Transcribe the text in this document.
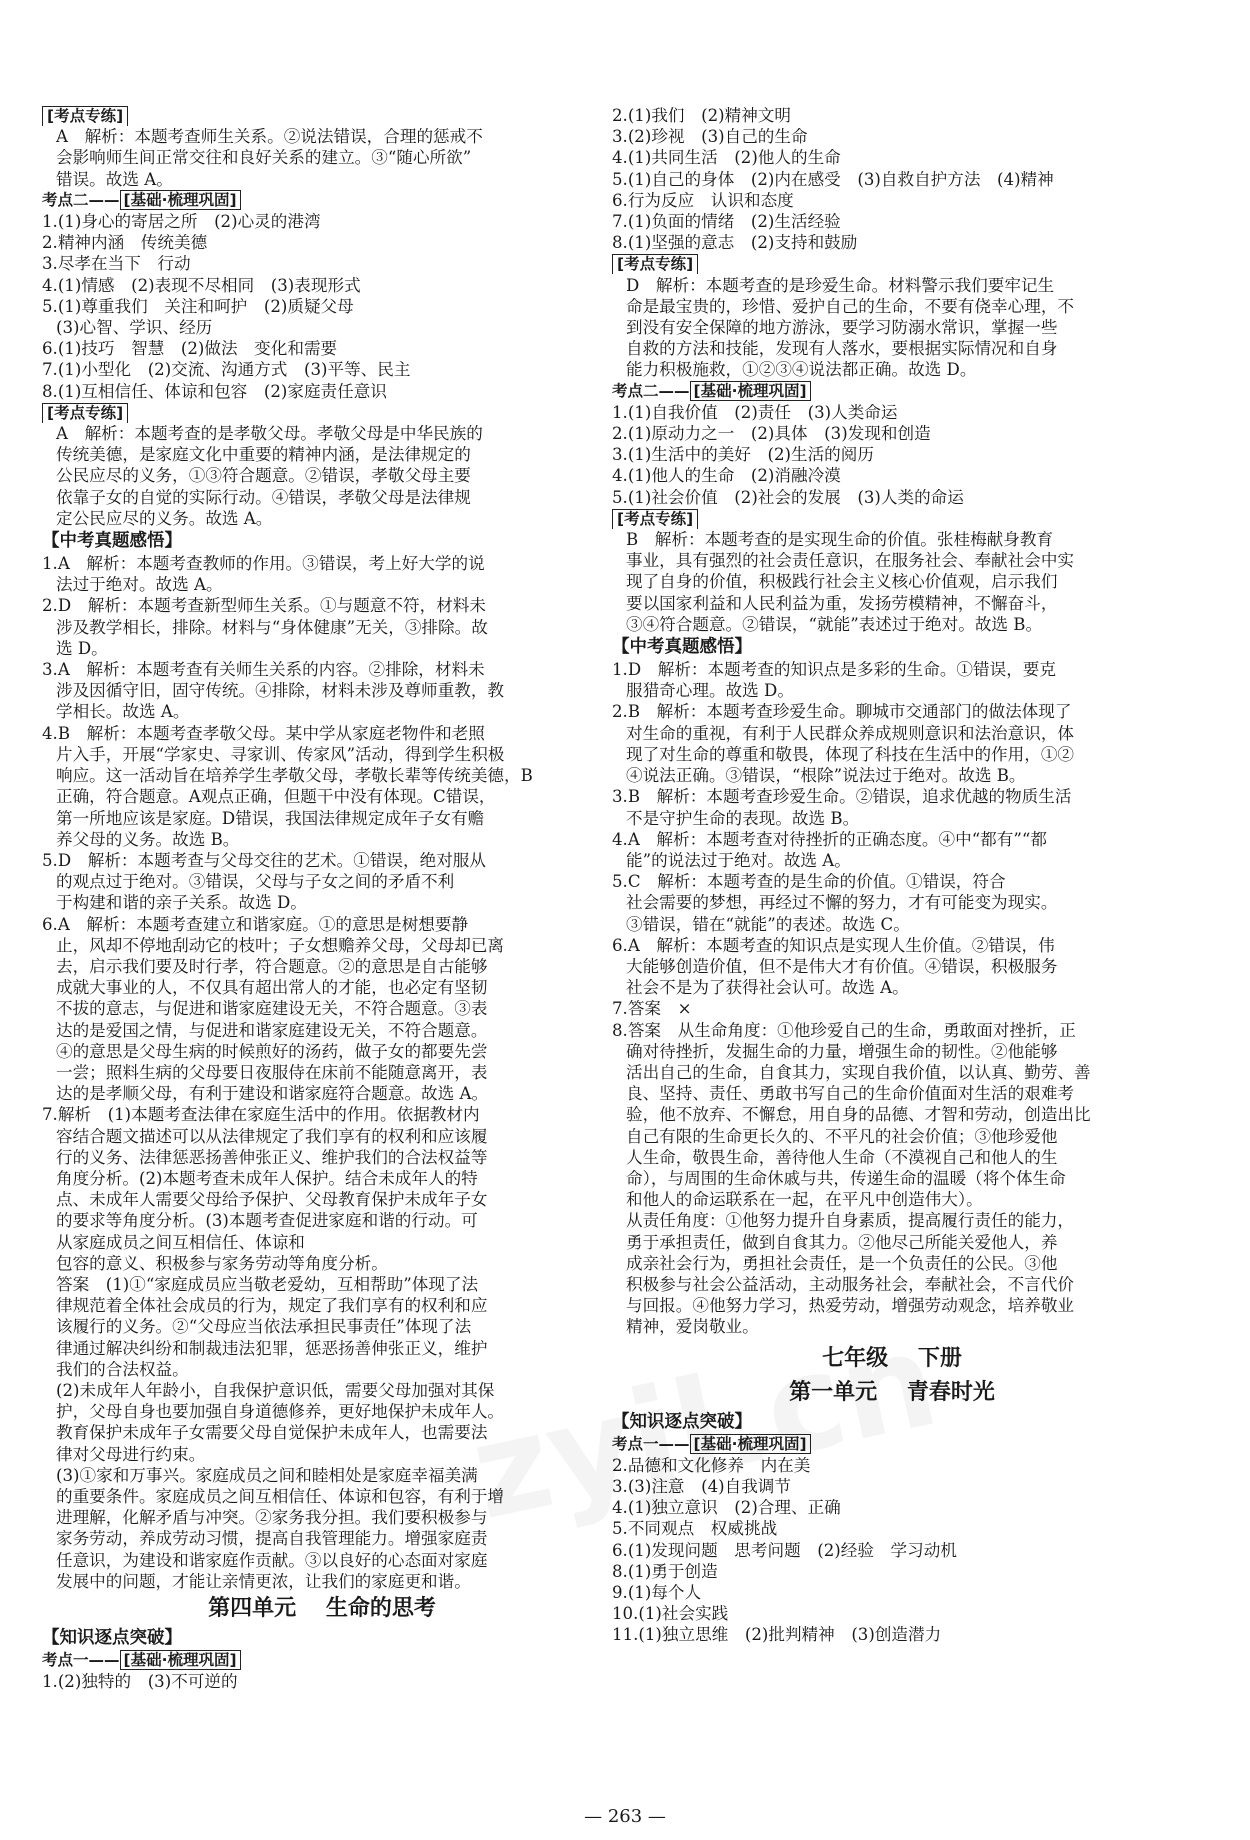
[考点专练]
A　解析：本题考查师生关系。②说法错误，合理的惩戒不
会影响师生间正常交往和良好关系的建立。③“随心所欲”
错误。故选 A。
考点二—— [基础·梳理巩固]
1.(1)身心的寄居之所　(2)心灵的港湾
2.精神内涵　传统美德
3.尽孝在当下　行动
4.(1)情感　(2)表现不尽相同　(3)表现形式
5.(1)尊重我们　关注和呵护　(2)质疑父母
(3)心智、学识、经历
6.(1)技巧　智慧　(2)做法　变化和需要
7.(1)小型化　(2)交流、沟通方式　(3)平等、民主
8.(1)互相信任、体谅和包容　(2)家庭责任意识
[考点专练]
A　解析：本题考查的是孝敬父母。孝敬父母是中华民族的
传统美德，是家庭文化中重要的精神内涵，是法律规定的
公民应尽的义务，①③符合题意。②错误，孝敬父母主要
依靠子女的自觉的实际行动。④错误，孝敬父母是法律规
定公民应尽的义务。故选 A。
【中考真题感悟】
1.A　解析：本题考查教师的作用。③错误，考上好大学的说
法过于绝对。故选 A。
2.D　解析：本题考查新型师生关系。①与题意不符，材料未
涉及教学相长，排除。材料与“身体健康”无关，③排除。故
选 D。
3.A　解析：本题考查有关师生关系的内容。②排除，材料未
涉及因循守旧，固守传统。④排除，材料未涉及尊师重教，教
学相长。故选 A。
4.B　解析：本题考查孝敬父母。某中学从家庭老物件和老照
片入手，开展“学家史、寻家训、传家风”活动，得到学生积极
响应。这一活动旨在培养学生孝敬父母，孝敬长辈等传统美德，B
正确，符合题意。A观点正确，但题干中没有体现。C错误，
第一所地应该是家庭。D错误，我国法律规定成年子女有赡
养父母的义务。故选 B。
5.D　解析：本题考查与父母交往的艺术。①错误，绝对服从
的观点过于绝对。③错误，父母与子女之间的矛盾不利
于构建和谐的亲子关系。故选 D。
6.A　解析：本题考查建立和谐家庭。①的意思是树想要静
止，风却不停地刮动它的枝叶；子女想赡养父母，父母却已离
去，启示我们要及时行孝，符合题意。②的意思是自古能够
成就大事业的人，不仅具有超出常人的才能，也必定有坚韧
不拔的意志，与促进和谐家庭建设无关，不符合题意。③表
达的是爱国之情，与促进和谐家庭建设无关，不符合题意。
④的意思是父母生病的时候煎好的汤药，做子女的都要先尝
一尝；照料生病的父母要日夜服侍在床前不能随意离开，表
达的是孝顺父母，有利于建设和谐家庭符合题意。故选 A。
7.解析　(1)本题考查法律在家庭生活中的作用。依据教材内
容结合题文描述可以从法律规定了我们享有的权利和应该履
行的义务、法律惩恶扬善伸张正义、维护我们的合法权益等
角度分析。(2)本题考查未成年人保护。结合未成年人的特
点、未成年人需要父母给予保护、父母教育保护未成年子女
的要求等角度分析。(3)本题考查促进家庭和谐的行动。可
从家庭成员之间互相信任、体谅和
包容的意义、积极参与家务劳动等角度分析。
答案　(1)①“家庭成员应当敬老爱幼，互相帮助”体现了法
律规范着全体社会成员的行为，规定了我们享有的权利和应
该履行的义务。②“父母应当依法承担民事责任”体现了法
律通过解决纠纷和制裁违法犯罪，惩恶扬善伸张正义，维护
我们的合法权益。
(2)未成年人年龄小，自我保护意识低，需要父母加强对其保
护，父母自身也要加强自身道德修养，更好地保护未成年人。
教育保护未成年子女需要父母自觉保护未成年人，也需要法
律对父母进行约束。
(3)①家和万事兴。家庭成员之间和睦相处是家庭幸福美满
的重要条件。家庭成员之间互相信任、体谅和包容，有利于增
进理解，化解矛盾与冲突。②家务我分担。我们要积极参与
家务劳动，养成劳动习惯，提高自我管理能力。增强家庭责
任意识，为建设和谐家庭作贡献。③以良好的心态面对家庭
发展中的问题，才能让亲情更浓，让我们的家庭更和谐。
第四单元　 生命的思考
【知识逐点突破】
考点一—— [基础·梳理巩固]
1.(2)独特的　(3)不可逆的
2.(1)我们　(2)精神文明
3.(2)珍视　(3)自己的生命
4.(1)共同生活　(2)他人的生命
5.(1)自己的身体　(2)内在感受　(3)自救自护方法　(4)精神
6.行为反应　认识和态度
7.(1)负面的情绪　(2)生活经验
8.(1)坚强的意志　(2)支持和鼓励
[考点专练]
D　解析：本题考查的是珍爱生命。材料警示我们要牢记生
命是最宝贵的，珍惜、爱护自己的生命，不要有侥幸心理，不
到没有安全保障的地方游泳，要学习防溺水常识，掌握一些
自救的方法和技能，发现有人落水，要根据实际情况和自身
能力积极施救，①②③④说法都正确。故选 D。
考点二—— [基础·梳理巩固]
1.(1)自我价值　(2)责任　(3)人类命运
2.(1)原动力之一　(2)具体　(3)发现和创造
3.(1)生活中的美好　(2)生活的阅历
4.(1)他人的生命　(2)消融冷漠
5.(1)社会价值　(2)社会的发展　(3)人类的命运
[考点专练]
B　解析：本题考查的是实现生命的价值。张桂梅献身教育
事业，具有强烈的社会责任意识，在服务社会、奉献社会中实
现了自身的价值，积极践行社会主义核心价值观，启示我们
要以国家利益和人民利益为重，发扬劳模精神，不懈奋斗，
③④符合题意。②错误，“就能”表述过于绝对。故选 B。
【中考真题感悟】
1.D　解析：本题考查的知识点是多彩的生命。①错误，要克
服猎奇心理。故选 D。
2.B　解析：本题考查珍爱生命。聊城市交通部门的做法体现了
对生命的重视，有利于人民群众养成规则意识和法治意识，体
现了对生命的尊重和敬畏，体现了科技在生活中的作用，①②
④说法正确。③错误，“根除”说法过于绝对。故选 B。
3.B　解析：本题考查珍爱生命。②错误，追求优越的物质生活
不是守护生命的表现。故选 B。
4.A　解析：本题考查对待挫折的正确态度。④中“都有”“都
能”的说法过于绝对。故选 A。
5.C　解析：本题考查的是生命的价值。①错误，符合
社会需要的梦想，再经过不懈的努力，才有可能变为现实。
③错误，错在“就能”的表述。故选 C。
6.A　解析：本题考查的知识点是实现人生价值。②错误，伟
大能够创造价值，但不是伟大才有价值。④错误，积极服务
社会不是为了获得社会认可。故选 A。
7.答案　×
8.答案　从生命角度：①他珍爱自己的生命，勇敢面对挫折，正
确对待挫折，发掘生命的力量，增强生命的韧性。②他能够
活出自己的生命，自食其力，实现自我价值，以认真、勤劳、善
良、坚持、责任、勇敢书写自己的生命价值面对生活的艰难考
验，他不放弃、不懈怠，用自身的品德、才智和劳动，创造出比
自己有限的生命更长久的、不平凡的社会价值；③他珍爱他
人生命，敬畏生命，善待他人生命（不漠视自己和他人的生
命），与周围的生命休戚与共，传递生命的温暖（将个体生命
和他人的命运联系在一起，在平凡中创造伟大）。
从责任角度：①他努力提升自身素质，提高履行责任的能力，
勇于承担责任，做到自食其力。②他尽己所能关爱他人，养
成亲社会行为，勇担社会责任，是一个负责任的公民。③他
积极参与社会公益活动，主动服务社会，奉献社会，不言代价
与回报。④他努力学习，热爱劳动，增强劳动观念，培养敬业
精神，爱岗敬业。
七年级　 下册
第一单元　 青春时光
【知识逐点突破】
考点一—— [基础·梳理巩固]
2.品德和文化修养　内在美
3.(3)注意　(4)自我调节
4.(1)独立意识　(2)合理、正确
5.不同观点　权威挑战
6.(1)发现问题　思考问题　(2)经验　学习动机
8.(1)勇于创造
9.(1)每个人
10.(1)社会实践
11.(1)独立思维　(2)批判精神　(3)创造潜力
— 263 —
